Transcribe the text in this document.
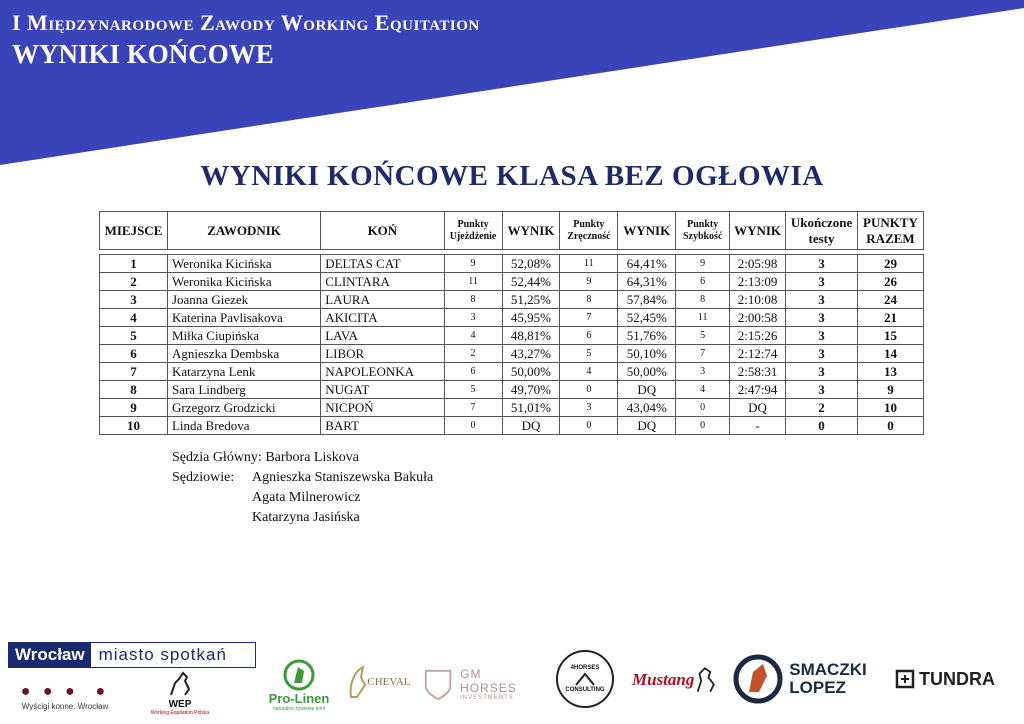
I Międzynarodowe Zawody Working Equitation
WYNIKI KOŃCOWE
WYNIKI KOŃCOWE KLASA BEZ OGŁOWIA
MIEJSCE	ZAWODNIK	KOŃ	Punkty Ujeżdżenie	WYNIK	Punkty Zręczność	WYNIK	Punkty Szybkość	WYNIK	Ukończone testy	PUNKTY RAZEM

1	Weronika Kicińska	DELTAS CAT	9	52,08%	11	64,41%	9	2:05:98	3	29
2	Weronika Kicińska	CLINTARA	11	52,44%	9	64,31%	6	2:13:09	3	26
3	Joanna Giezek	LAURA	8	51,25%	8	57,84%	8	2:10:08	3	24
4	Katerina Pavlisakova	AKICITA	3	45,95%	7	52,45%	11	2:00:58	3	21
5	Miłka Ciupińska	LAVA	4	48,81%	6	51,76%	5	2:15:26	3	15
6	Agnieszka Dembska	LIBOR	2	43,27%	5	50,10%	7	2:12:74	3	14
7	Katarzyna Lenk	NAPOLEONKA	6	50,00%	4	50,00%	3	2:58:31	3	13
8	Sara Lindberg	NUGAT	5	49,70%	0	DQ	4	2:47:94	3	9
9	Grzegorz Grodzicki	NICPOŃ	7	51,01%	3	43,04%	0	DQ	2	10
10	Linda Bredova	BART	0	DQ	0	DQ	0	-	0	0
Sędzia Główny:
Barbora Liskova
Sędziowie:	Agnieszka Staniszewska Bakuła
Agata Milnerowicz
Katarzyna Jasińska
Wrocław miasto spotkań
● ● ●  ●
Wyścigi konne. Wrocław	WEP
Working Equitation Polska
Pro-Linen
naturalne żywienie koni
CHEVAL
GM HORSES
INVESTMENTS
4HORSES
CONSULTING
Mustang
SMACZKI
LOPEZ	TUNDRA
